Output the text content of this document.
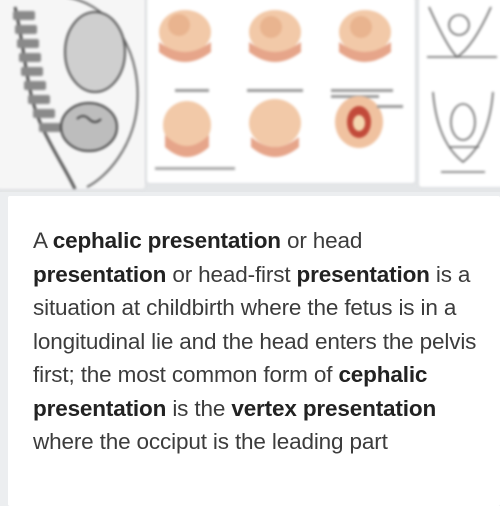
A cephalic presentation or head presentation or head-first presentation is a situation at childbirth where the fetus is in a longitudinal lie and the head enters the pelvis first; the most common form of cephalic presentation is the vertex presentation where the occiput is the leading part
